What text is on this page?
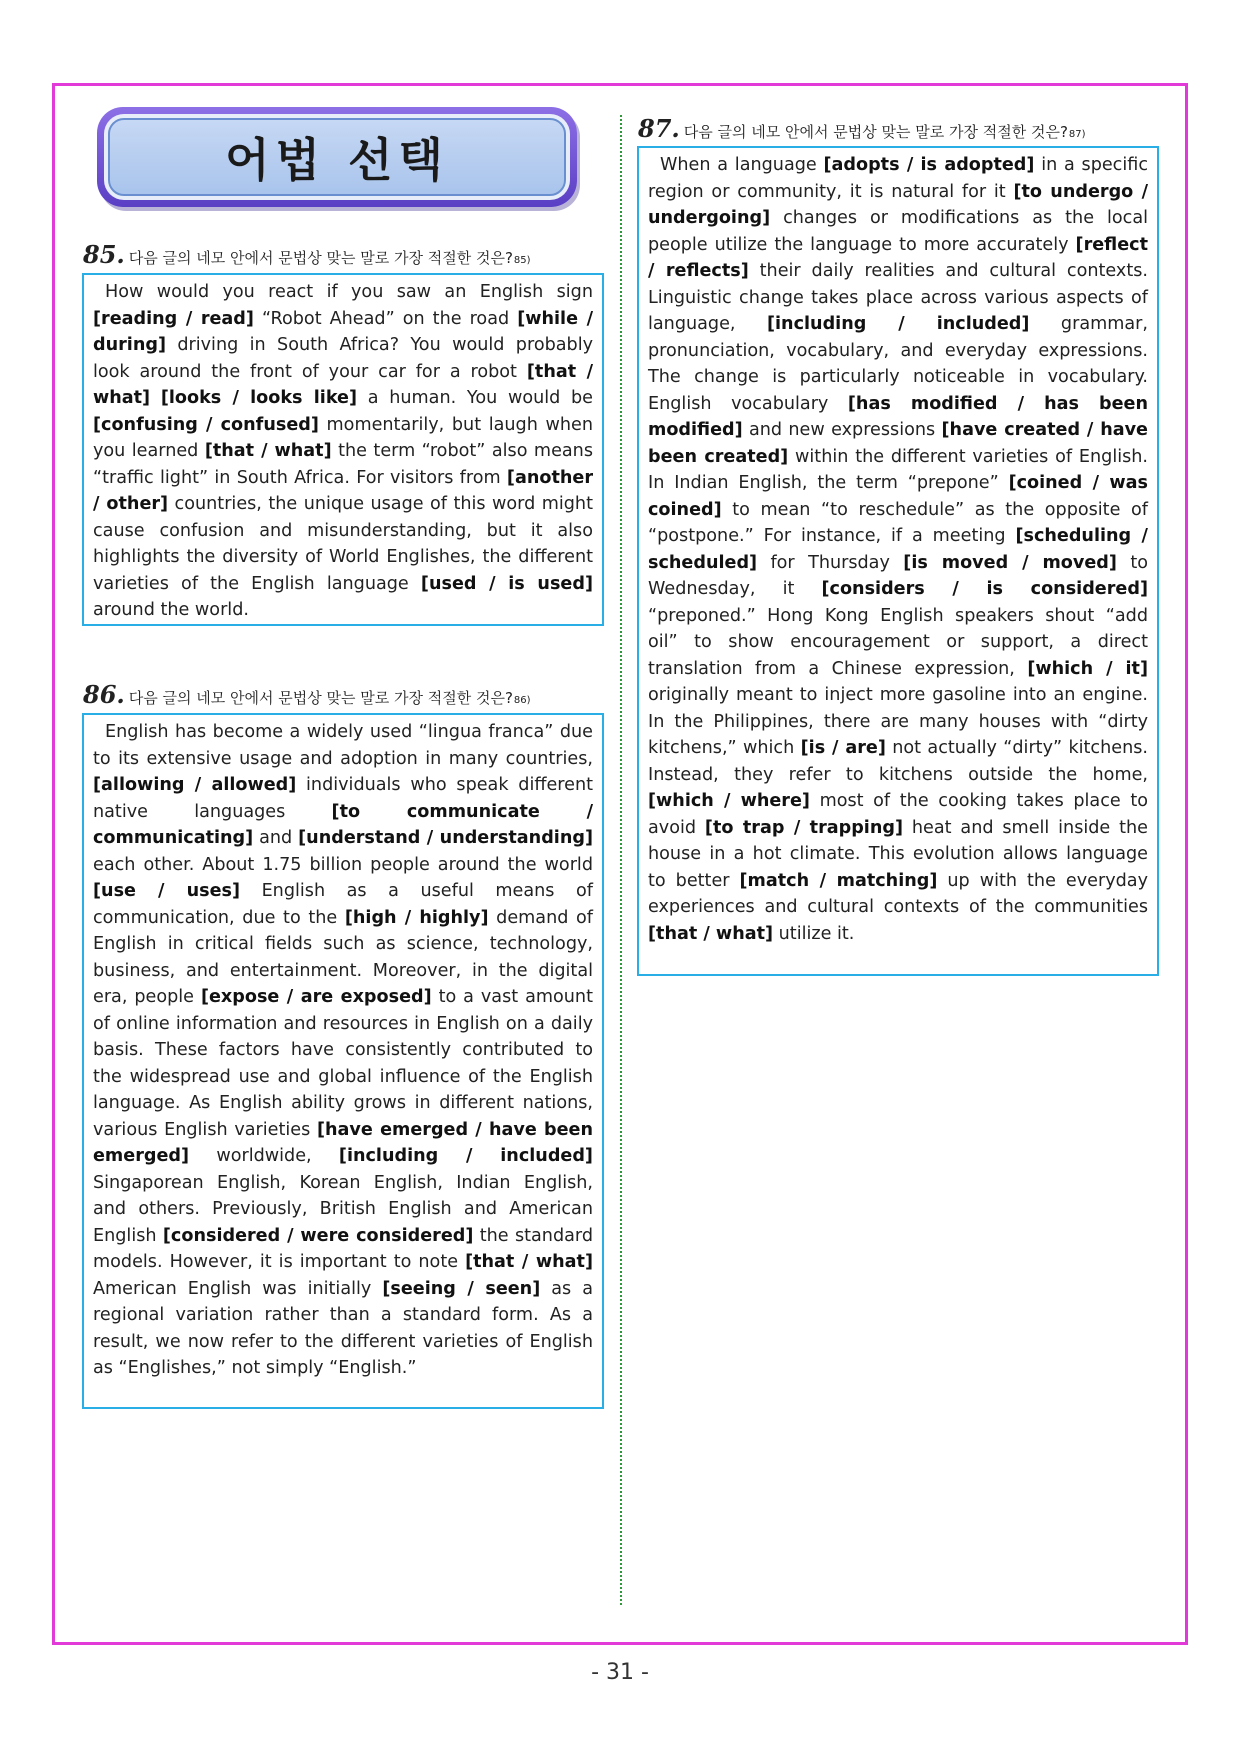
어법 선택
85. 다음 글의 네모 안에서 문법상 맞는 말로 가장 적절한 것은? 85)

How would you react if you saw an English sign [reading / read] “Robot Ahead” on the road [while / during] driving in South Africa? You would probably look around the front of your car for a robot [that / what] [looks / looks like] a human. You would be [confusing / confused] momentarily, but laugh when you learned [that / what] the term “robot” also means “traffic light” in South Africa. For visitors from [another / other] countries, the unique usage of this word might cause confusion and misunderstanding, but it also highlights the diversity of World Englishes, the different varieties of the English language [used / is used] around the world.

86. 다음 글의 네모 안에서 문법상 맞는 말로 가장 적절한 것은? 86)

English has become a widely used “lingua franca” due to its extensive usage and adoption in many countries, [allowing / allowed] individuals who speak different native languages [to communicate / communicating] and [understand / understanding] each other. About 1.75 billion people around the world [use / uses] English as a useful means of communication, due to the [high / highly] demand of English in critical fields such as science, technology, business, and entertainment. Moreover, in the digital era, people [expose / are exposed] to a vast amount of online information and resources in English on a daily basis. These factors have consistently contributed to the widespread use and global influence of the English language. As English ability grows in different nations, various English varieties [have emerged / have been emerged] worldwide, [including / included] Singaporean English, Korean English, Indian English, and others. Previously, British English and American English [considered / were considered] the standard models. However, it is important to note [that / what] American English was initially [seeing / seen] as a regional variation rather than a standard form. As a result, we now refer to the different varieties of English as “Englishes,” not simply “English.”

87. 다음 글의 네모 안에서 문법상 맞는 말로 가장 적절한 것은? 87)

When a language [adopts / is adopted] in a specific region or community, it is natural for it [to undergo / undergoing] changes or modifications as the local people utilize the language to more accurately [reflect / reflects] their daily realities and cultural contexts. Linguistic change takes place across various aspects of language, [including / included] grammar, pronunciation, vocabulary, and everyday expressions. The change is particularly noticeable in vocabulary. English vocabulary [has modified / has been modified] and new expressions [have created / have been created] within the different varieties of English. In Indian English, the term “prepone” [coined / was coined] to mean “to reschedule” as the opposite of “postpone.” For instance, if a meeting [scheduling / scheduled] for Thursday [is moved / moved] to Wednesday, it [considers / is considered] “preponed.” Hong Kong English speakers shout “add oil” to show encouragement or support, a direct translation from a Chinese expression, [which / it] originally meant to inject more gasoline into an engine. In the Philippines, there are many houses with “dirty kitchens,” which [is / are] not actually “dirty” kitchens. Instead, they refer to kitchens outside the home, [which / where] most of the cooking takes place to avoid [to trap / trapping] heat and smell inside the house in a hot climate. This evolution allows language to better [match / matching] up with the everyday experiences and cultural contexts of the communities [that / what] utilize it.

- 31 -
